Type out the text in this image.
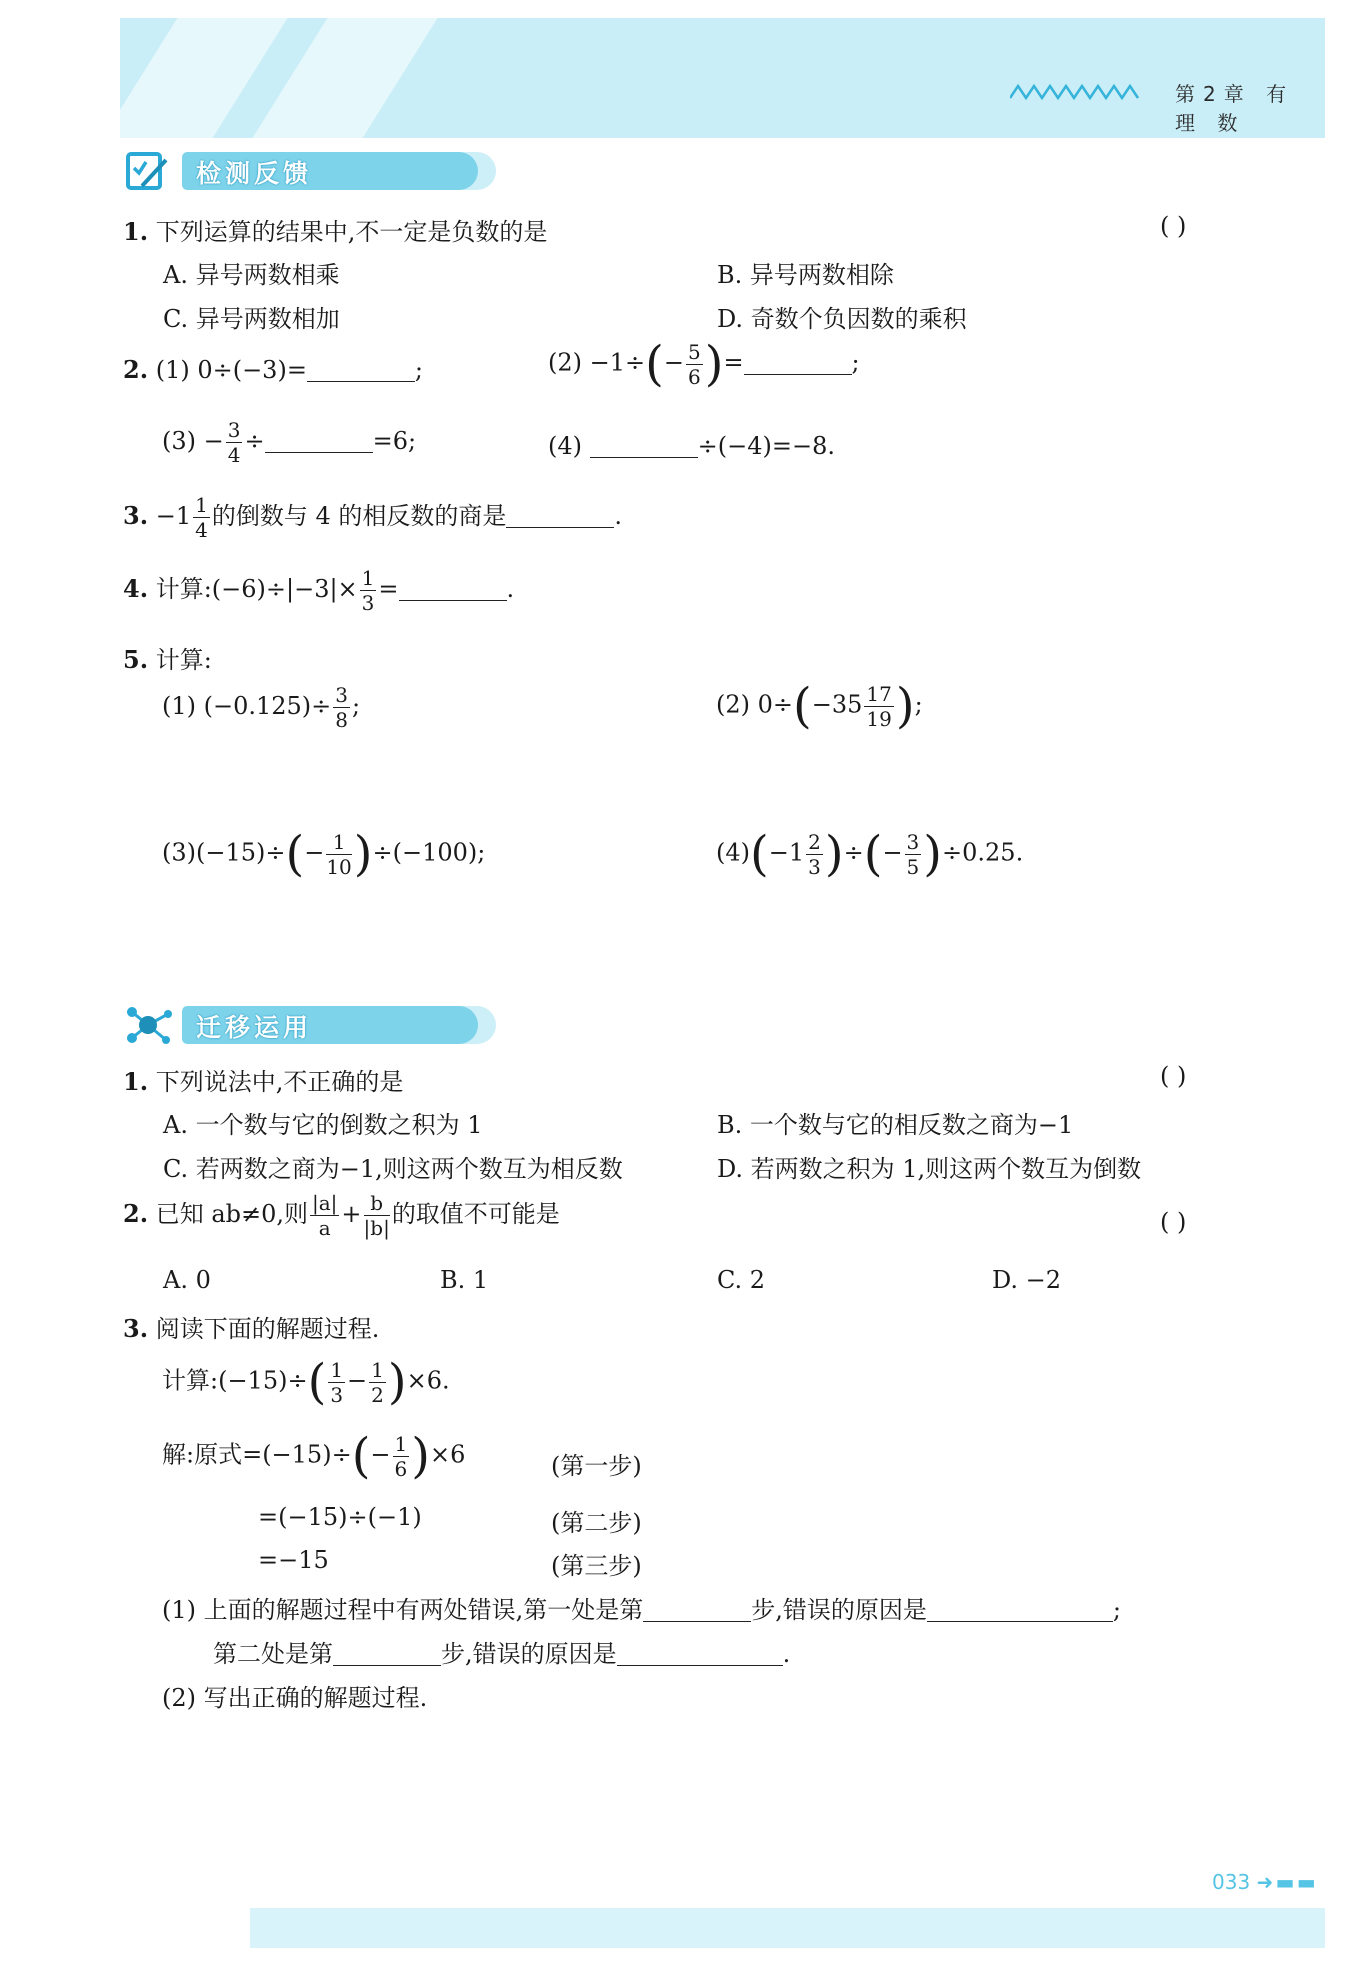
第2章 有 理 数
检测反馈
1. 下列运算的结果中,不一定是负数的是	( )
A. 异号两数相乘	B. 异号两数相除
C. 异号两数相加	D. 奇数个负因数的乘积
2. (1) 0÷(−3)=	;	$(2) -1\div(- \frac{5}{6}$ )=	;
$(3) - \frac{3}{4}$ ÷	=6;	(4)	÷(−4)=−8.
3. $-1 \frac{1}{4}$ 的倒数与 4 的相反数的商是	.
4. 计算:(−6)÷|−3|× $\frac{1}{3}$ =	.
5. 计算:
(1) $(-0.125)\div \frac{3}{8}$ ;	(2) $0\div(-35 \frac{17}{19}$ );
$(3)(-15)\div(- \frac{1}{10} )\div(-100)$;	$(4)(-1 \frac{2}{3}$ )÷(− $\frac{3}{5} )\div 0.25$.
迁移运用
1. 下列说法中,不正确的是	( )
A. 一个数与它的倒数之积为 1	B. 一个数与它的相反数之商为−1
C. 若两数之商为−1,则这两个数互为相反数	D. 若两数之积为 1,则这两个数互为倒数
2. 已知 ab≠0,则 $\frac{|a|}{a} + \frac{b}{|b|}$ 的取值不可能是	( )
A. 0	B. 1	C. 2	D. −2
3. 阅读下面的解题过程.
计算:(−15)÷( $\frac{1}{3} - \frac{1}{2} )\times 6$.
解:原式$=(-15)\div(- \frac{1}{6} )\times 6$	(第一步)
=(−15)÷(−1)	(第二步)
=−15	(第三步)
(1) 上面的解题过程中有两处错误,第一处是第	步,错误的原因是	;
第二处是第	步,错误的原因是	.
(2) 写出正确的解题过程.
033 ➜ ▬ ▬
